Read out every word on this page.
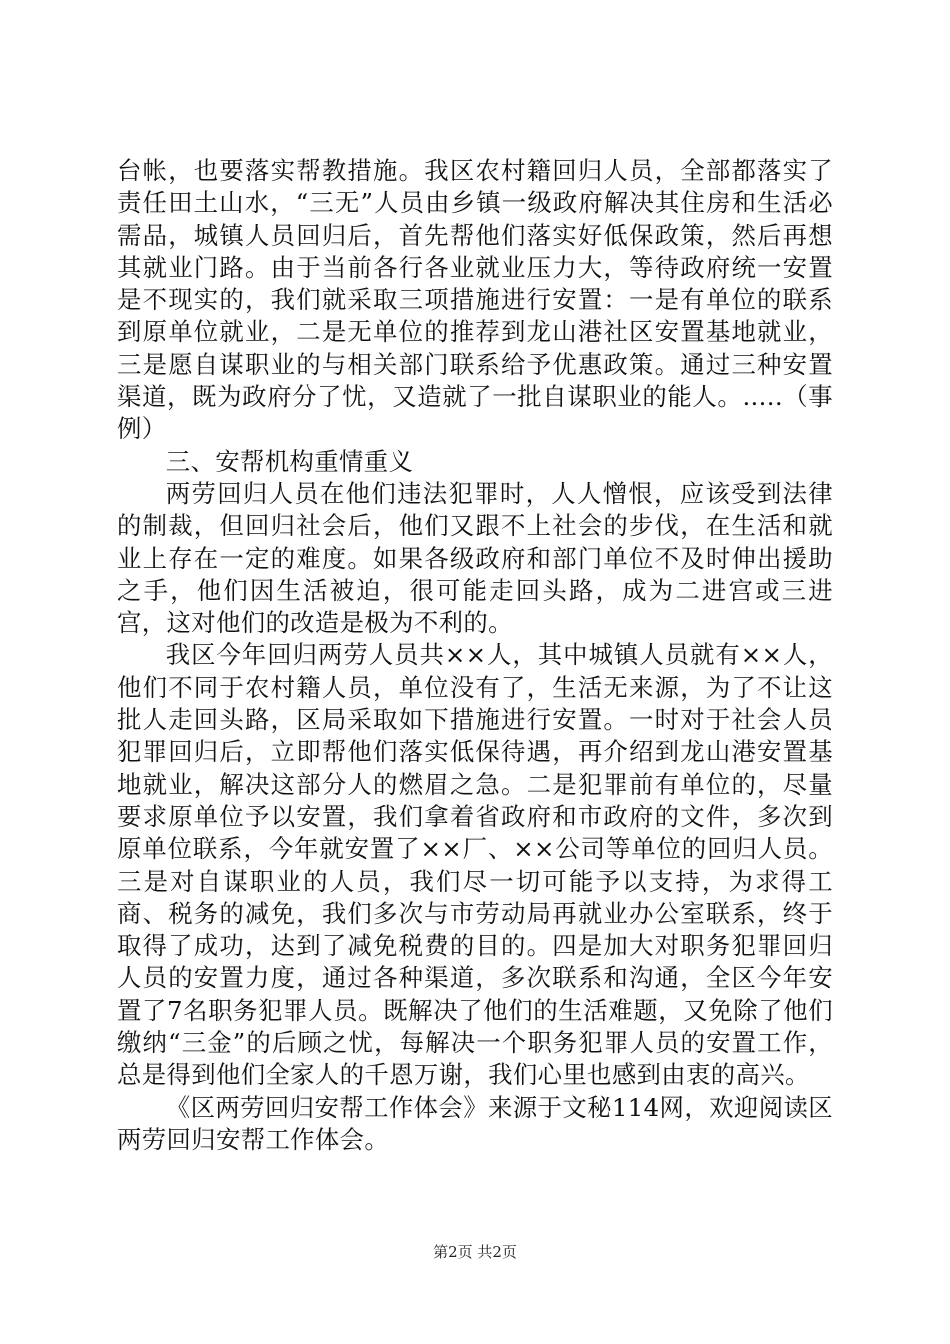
台帐，也要落实帮教措施。我区农村籍回归人员，全部都落实了责任田土山水，“三无”人员由乡镇一级政府解决其住房和生活必需品，城镇人员回归后，首先帮他们落实好低保政策，然后再想其就业门路。由于当前各行各业就业压力大，等待政府统一安置是不现实的，我们就采取三项措施进行安置：一是有单位的联系到原单位就业，二是无单位的推荐到龙山港社区安置基地就业，三是愿自谋职业的与相关部门联系给予优惠政策。通过三种安置渠道，既为政府分了忧，又造就了一批自谋职业的能人。.....（事例）

三、安帮机构重情重义

两劳回归人员在他们违法犯罪时，人人憎恨，应该受到法律的制裁，但回归社会后，他们又跟不上社会的步伐，在生活和就业上存在一定的难度。如果各级政府和部门单位不及时伸出援助之手，他们因生活被迫，很可能走回头路，成为二进宫或三进宫，这对他们的改造是极为不利的。

我区今年回归两劳人员共××人，其中城镇人员就有××人，他们不同于农村籍人员，单位没有了，生活无来源，为了不让这批人走回头路，区局采取如下措施进行安置。一时对于社会人员犯罪回归后，立即帮他们落实低保待遇，再介绍到龙山港安置基地就业，解决这部分人的燃眉之急。二是犯罪前有单位的，尽量要求原单位予以安置，我们拿着省政府和市政府的文件，多次到原单位联系，今年就安置了××厂、××公司等单位的回归人员。三是对自谋职业的人员，我们尽一切可能予以支持，为求得工商、税务的减免，我们多次与市劳动局再就业办公室联系，终于取得了成功，达到了减免税费的目的。四是加大对职务犯罪回归人员的安置力度，通过各种渠道，多次联系和沟通，全区今年安置了7名职务犯罪人员。既解决了他们的生活难题，又免除了他们缴纳“三金”的后顾之忧，每解决一个职务犯罪人员的安置工作，总是得到他们全家人的千恩万谢，我们心里也感到由衷的高兴。

《区两劳回归安帮工作体会》来源于文秘114网，欢迎阅读区两劳回归安帮工作体会。

第2页 共2页
